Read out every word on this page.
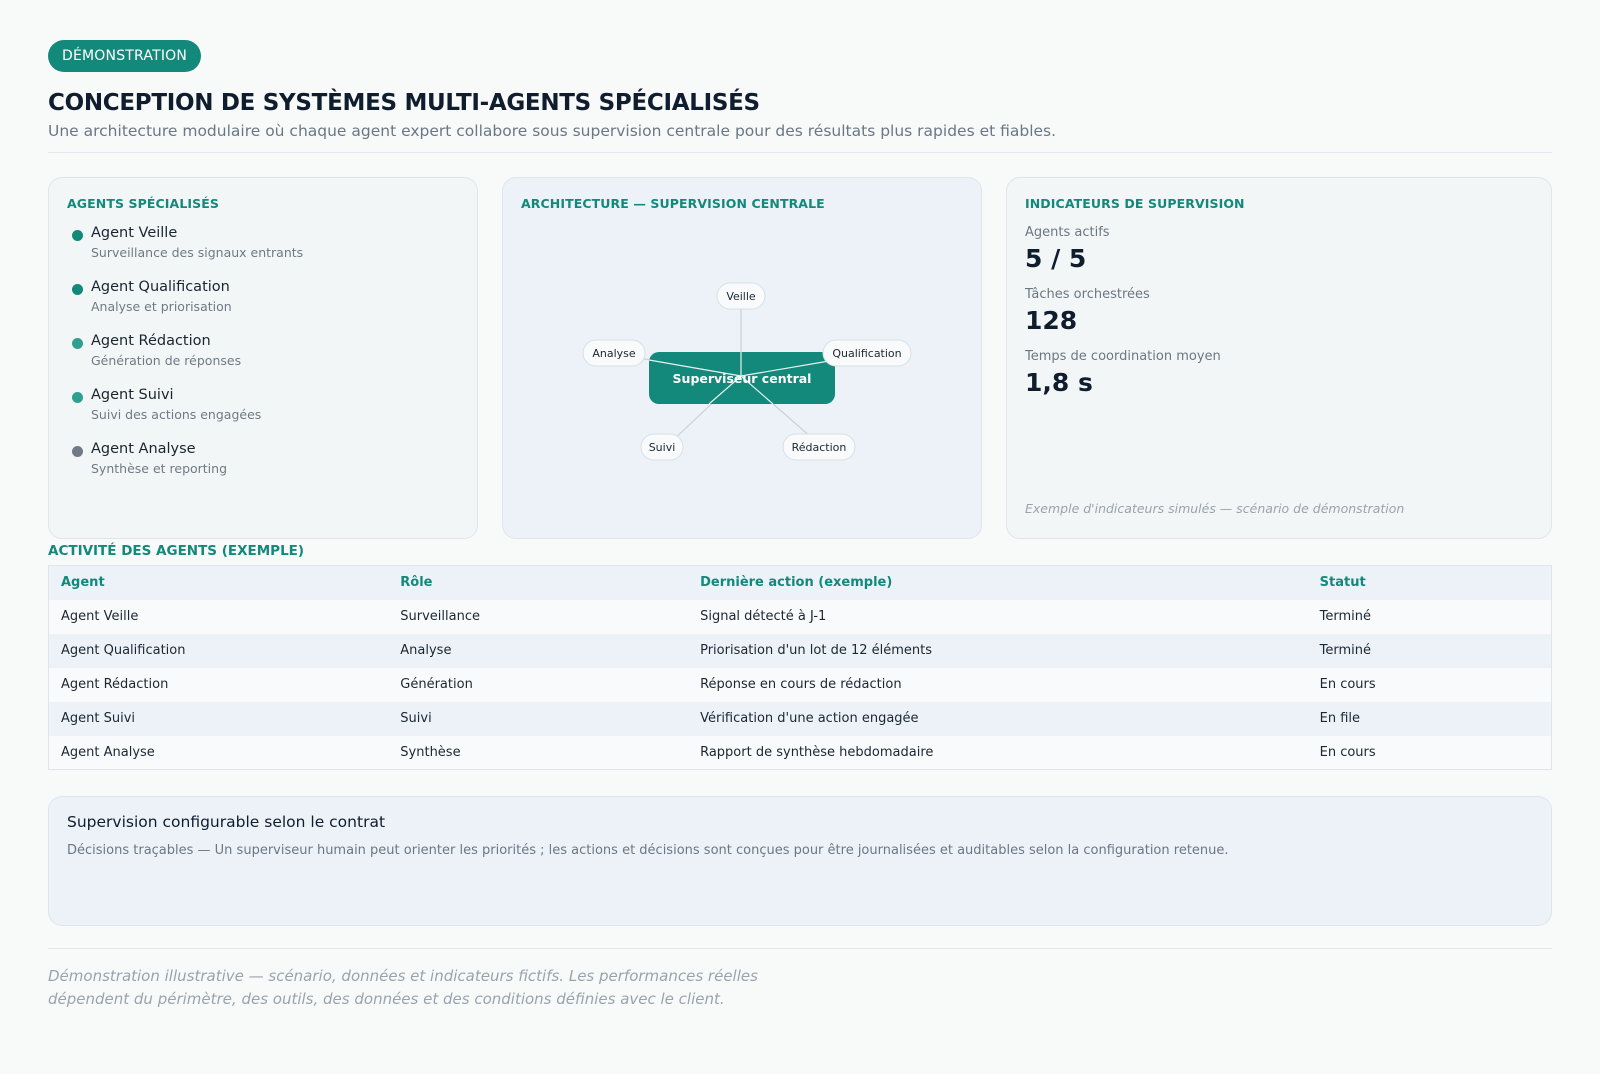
DÉMONSTRATION
CONCEPTION DE SYSTÈMES MULTI-AGENTS SPÉCIALISÉS
Une architecture modulaire où chaque agent expert collabore sous supervision centrale pour des résultats plus rapides et fiables.
AGENTS SPÉCIALISÉS
Agent Veille
Surveillance des signaux entrants
Agent Qualification
Analyse et priorisation
Agent Rédaction
Génération de réponses
Agent Suivi
Suivi des actions engagées
Agent Analyse
Synthèse et reporting
ARCHITECTURE — SUPERVISION CENTRALE
Superviseur central
Veille
Analyse	Qualification
Suivi	Rédaction
INDICATEURS DE SUPERVISION
Agents actifs
5 / 5
Tâches orchestrées
128
Temps de coordination moyen
1,8 s
Exemple d'indicateurs simulés — scénario de démonstration
ACTIVITÉ DES AGENTS (EXEMPLE)
Agent	Rôle	Dernière action (exemple)	Statut
Agent Veille	Surveillance	Signal détecté à J-1	Terminé
Agent Qualification	Analyse	Priorisation d'un lot de 12 éléments	Terminé
Agent Rédaction	Génération	Réponse en cours de rédaction	En cours
Agent Suivi	Suivi	Vérification d'une action engagée	En file
Agent Analyse	Synthèse	Rapport de synthèse hebdomadaire	En cours
Supervision configurable selon le contrat
Décisions traçables — Un superviseur humain peut orienter les priorités ; les actions et décisions sont conçues pour être journalisées et auditables selon la configuration retenue.
Démonstration illustrative — scénario, données et indicateurs fictifs. Les performances réelles
dépendent du périmètre, des outils, des données et des conditions définies avec le client.
